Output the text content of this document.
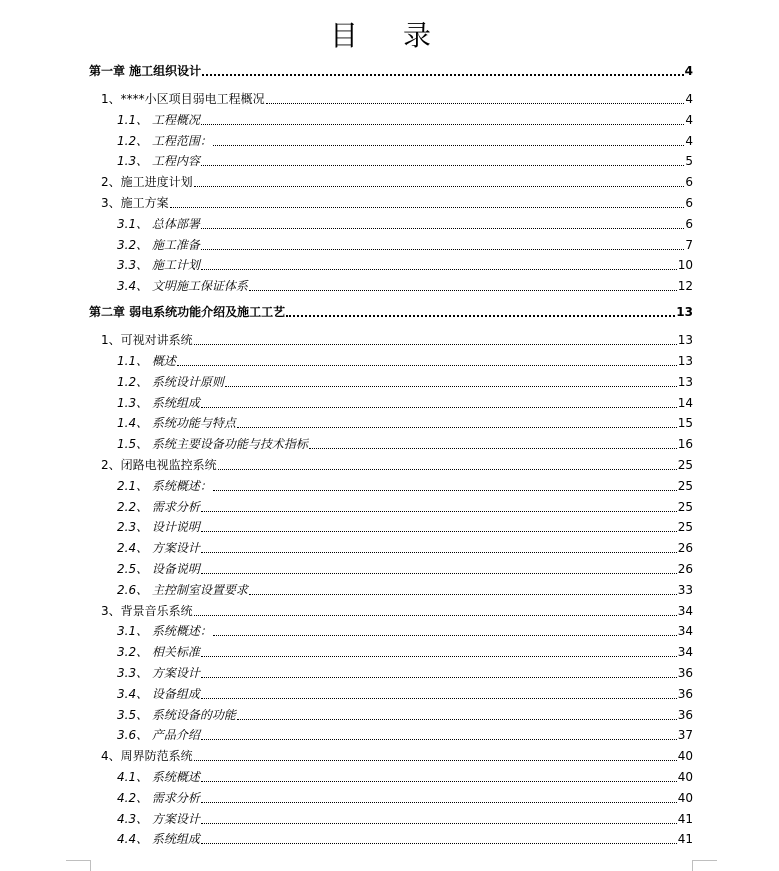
目 录
第一章 施工组织设计	4
1、****小区项目弱电工程概况	4
1.1、 工程概况	4
1.2、 工程范围：	4
1.3、 工程内容	5
2、施工进度计划	6
3、施工方案	6
3.1、 总体部署	6
3.2、 施工准备	7
3.3、 施工计划	10
3.4、 文明施工保证体系	12
第二章 弱电系统功能介绍及施工工艺	13
1、可视对讲系统	13
1.1、 概述	13
1.2、 系统设计原则	13
1.3、 系统组成	14
1.4、 系统功能与特点	15
1.5、 系统主要设备功能与技术指标	16
2、闭路电视监控系统	25
2.1、 系统概述：	25
2.2、 需求分析	25
2.3、 设计说明	25
2.4、 方案设计	26
2.5、 设备说明	26
2.6、 主控制室设置要求	33
3、背景音乐系统	34
3.1、 系统概述：	34
3.2、 相关标准	34
3.3、 方案设计	36
3.4、 设备组成	36
3.5、 系统设备的功能	36
3.6、 产品介绍	37
4、周界防范系统	40
4.1、 系统概述	40
4.2、 需求分析	40
4.3、 方案设计	41
4.4、 系统组成	41
